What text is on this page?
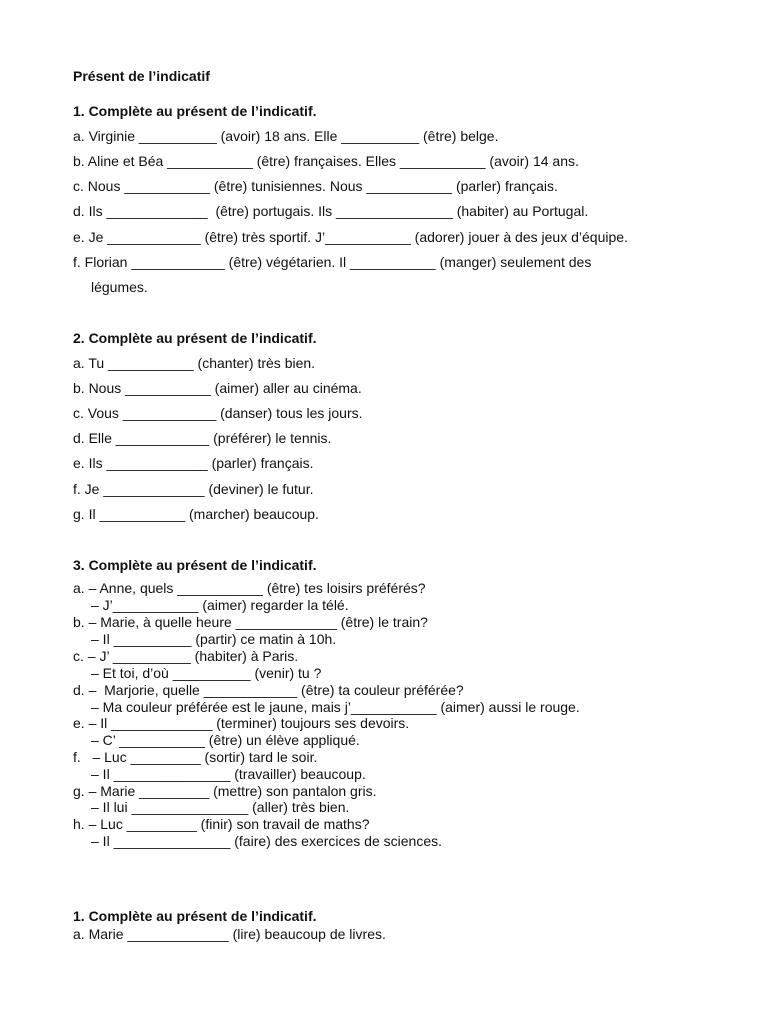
Présent de l’indicatif
1. Complète au présent de l’indicatif.
a. Virginie __________ (avoir) 18 ans. Elle __________ (être) belge.
b. Aline et Béa ___________ (être) françaises. Elles ___________ (avoir) 14 ans.
c. Nous ___________ (être) tunisiennes. Nous ___________ (parler) français.
d. Ils _____________  (être) portugais. Ils _______________ (habiter) au Portugal.
e. Je ____________ (être) très sportif. J’___________ (adorer) jouer à des jeux d’équipe.
f. Florian ____________ (être) végétarien. Il ___________ (manger) seulement des
légumes.
2. Complète au présent de l’indicatif.
a. Tu ___________ (chanter) très bien.
b. Nous ___________ (aimer) aller au cinéma.
c. Vous ____________ (danser) tous les jours.
d. Elle ____________ (préférer) le tennis.
e. Ils _____________ (parler) français.
f. Je _____________ (deviner) le futur.
g. Il ___________ (marcher) beaucoup.
3. Complète au présent de l’indicatif.
a. – Anne, quels ___________ (être) tes loisirs préférés?
– J’___________ (aimer) regarder la télé.
b. – Marie, à quelle heure _____________ (être) le train?
– Il __________ (partir) ce matin à 10h.
c. – J’ __________ (habiter) à Paris.
– Et toi, d’où __________ (venir) tu ?
d. –  Marjorie, quelle ____________ (être) ta couleur préférée?
– Ma couleur préférée est le jaune, mais j’___________ (aimer) aussi le rouge.
e. – Il _____________ (terminer) toujours ses devoirs.
– C’ ___________ (être) un élève appliqué.
f.   – Luc _________ (sortir) tard le soir.
– Il _______________ (travailler) beaucoup.
g. – Marie _________ (mettre) son pantalon gris.
– Il lui _______________ (aller) très bien.
h. – Luc _________ (finir) son travail de maths?
– Il _______________ (faire) des exercices de sciences.
1. Complète au présent de l’indicatif.
a. Marie _____________ (lire) beaucoup de livres.
